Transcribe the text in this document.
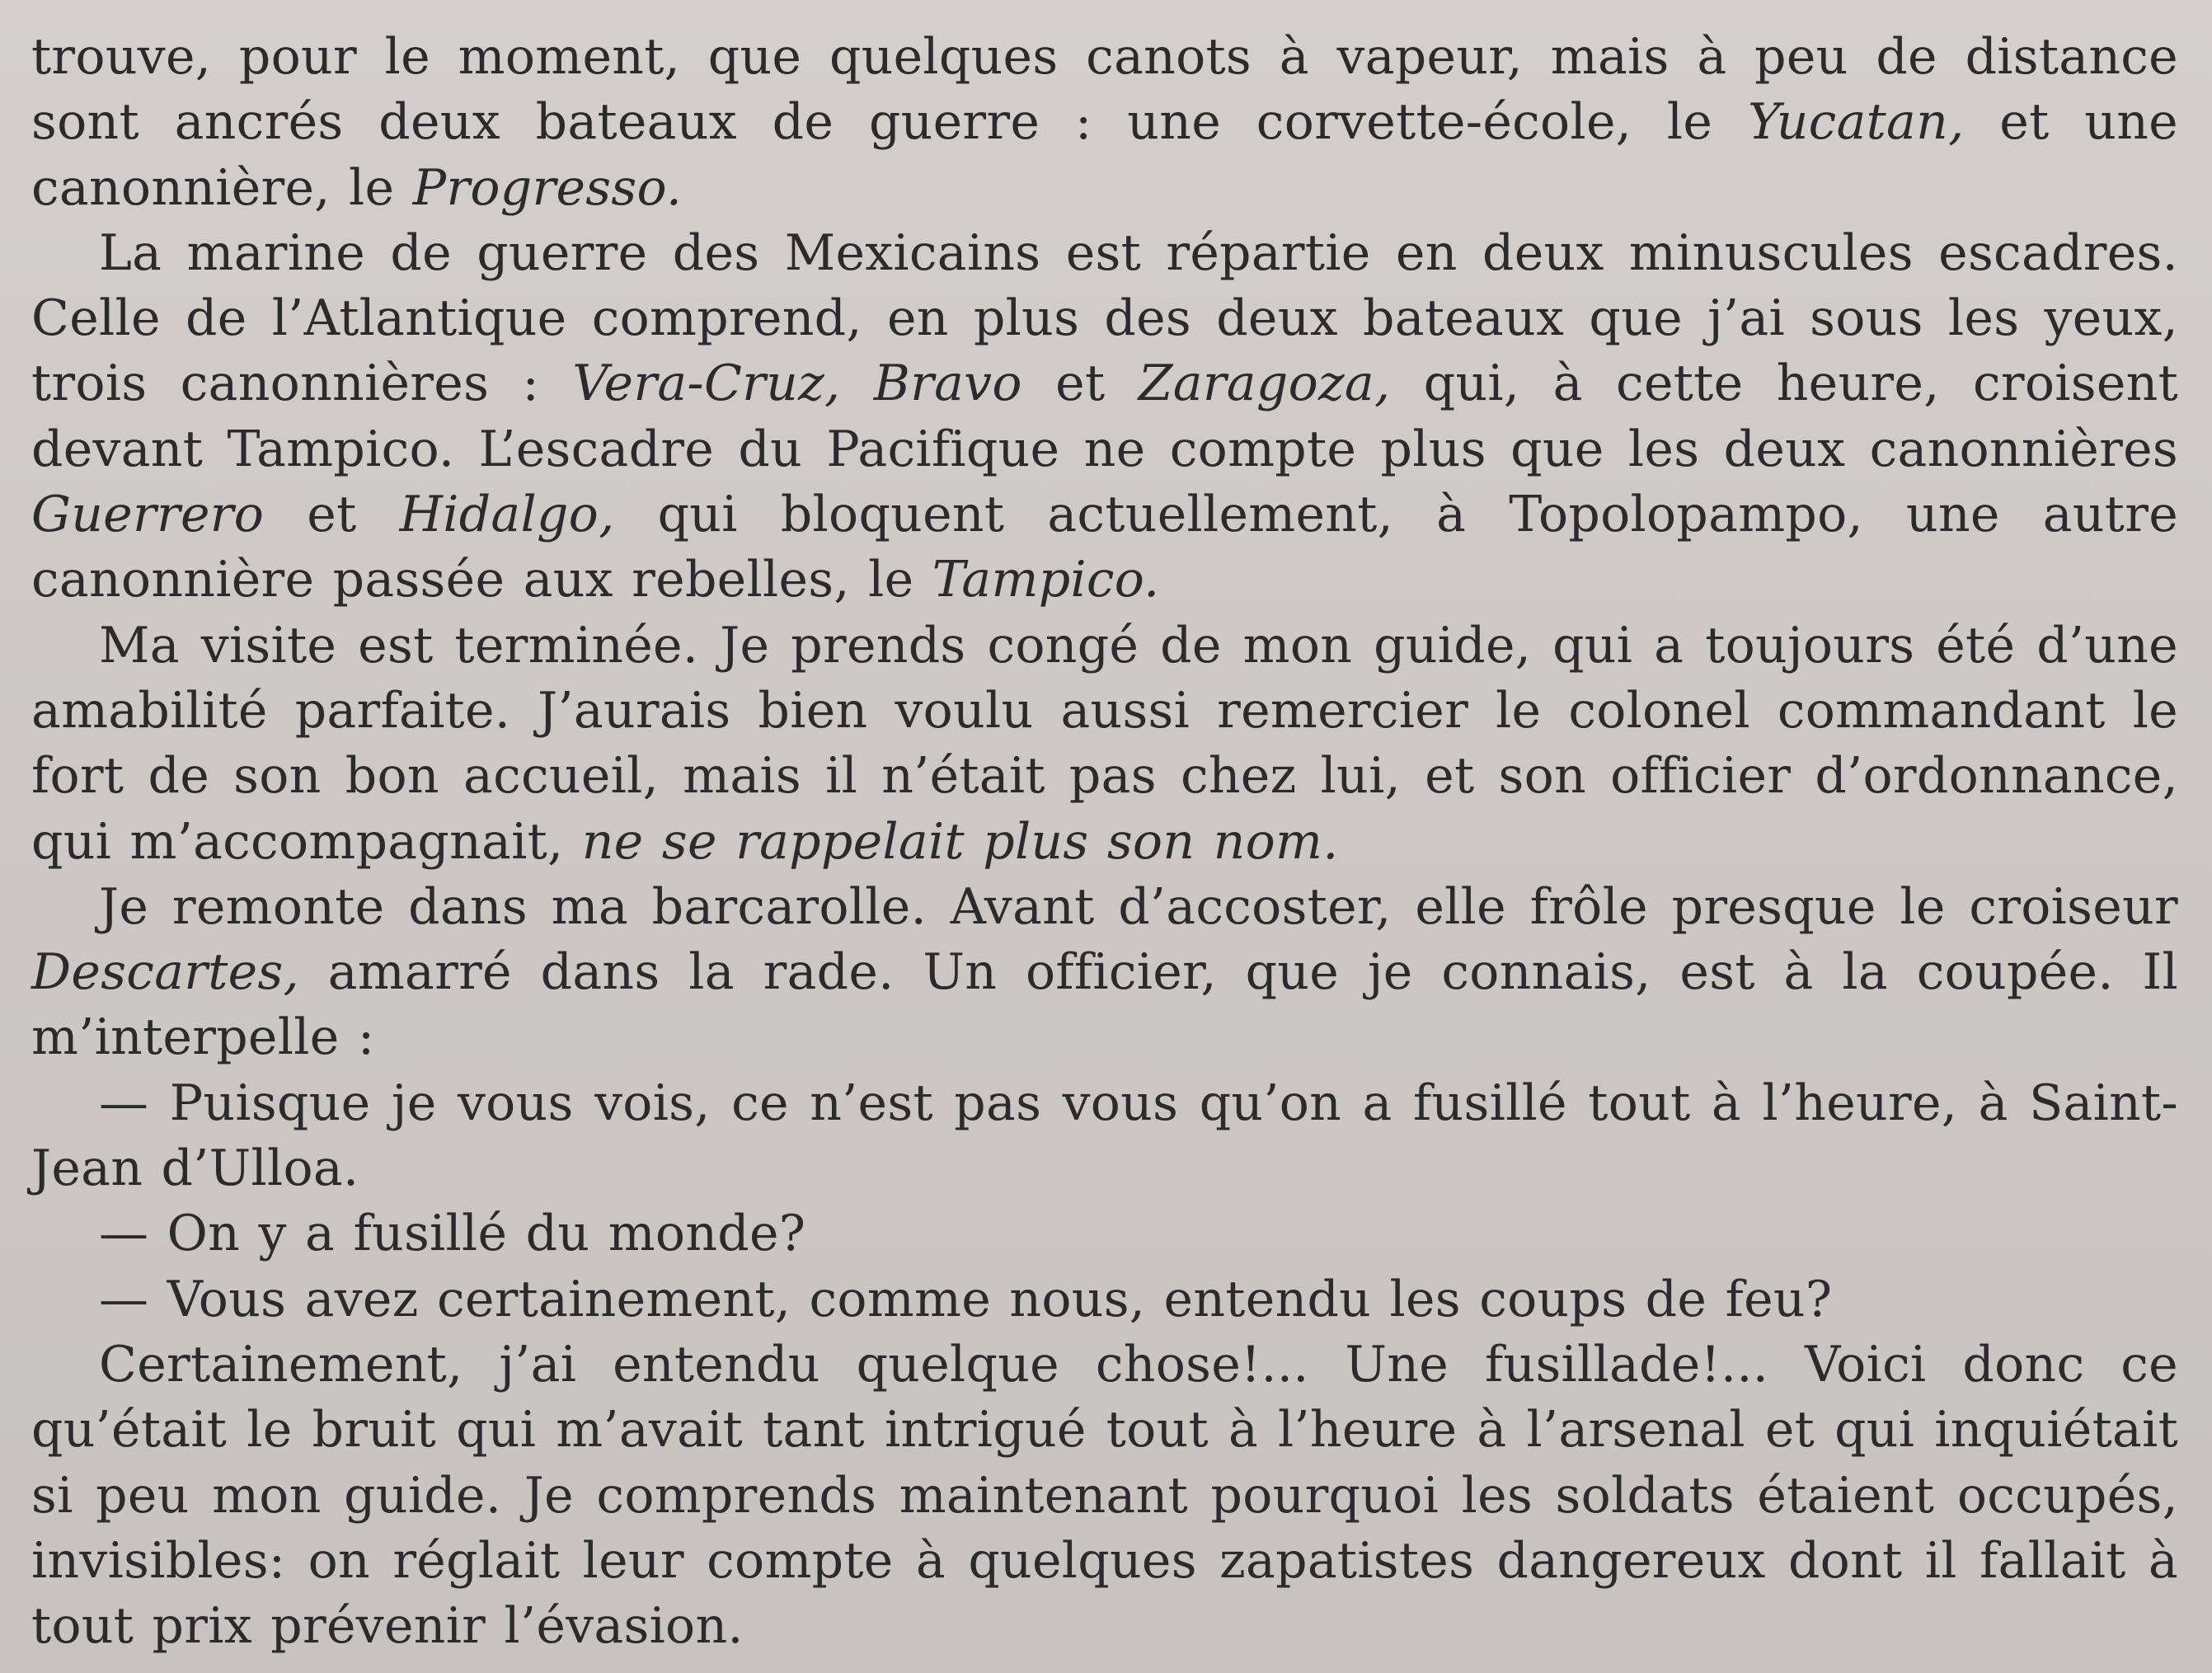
trouve, pour le moment, que quelques canots à vapeur, mais à peu de distance sont ancrés deux bateaux de guerre : une corvette-école, le Yucatan, et une canonnière, le Progresso.

La marine de guerre des Mexicains est répartie en deux minuscules escadres. Celle de l’Atlantique comprend, en plus des deux bateaux que j’ai sous les yeux, trois canonnières : Vera-Cruz, Bravo et Zaragoza, qui, à cette heure, croisent devant Tampico. L’escadre du Pacifique ne compte plus que les deux canonnières Guerrero et Hidalgo, qui bloquent actuellement, à Topolopampo, une autre canonnière passée aux rebelles, le Tampico.

Ma visite est terminée. Je prends congé de mon guide, qui a toujours été d’une amabilité parfaite. J’aurais bien voulu aussi remercier le colonel commandant le fort de son bon accueil, mais il n’était pas chez lui, et son officier d’ordonnance, qui m’accompagnait, ne se rappelait plus son nom.

Je remonte dans ma barcarolle. Avant d’accoster, elle frôle presque le croiseur Descartes, amarré dans la rade. Un officier, que je connais, est à la coupée. Il m’interpelle :

— Puisque je vous vois, ce n’est pas vous qu’on a fusillé tout à l’heure, à Saint-Jean d’Ulloa.

— On y a fusillé du monde?

— Vous avez certainement, comme nous, entendu les coups de feu?

Certainement, j’ai entendu quelque chose!... Une fusillade!... Voici donc ce qu’était le bruit qui m’avait tant intrigué tout à l’heure à l’arsenal et qui inquiétait si peu mon guide. Je comprends maintenant pourquoi les soldats étaient occupés, invisibles: on réglait leur compte à quelques zapatistes dangereux dont il fallait à tout prix prévenir l’évasion.
